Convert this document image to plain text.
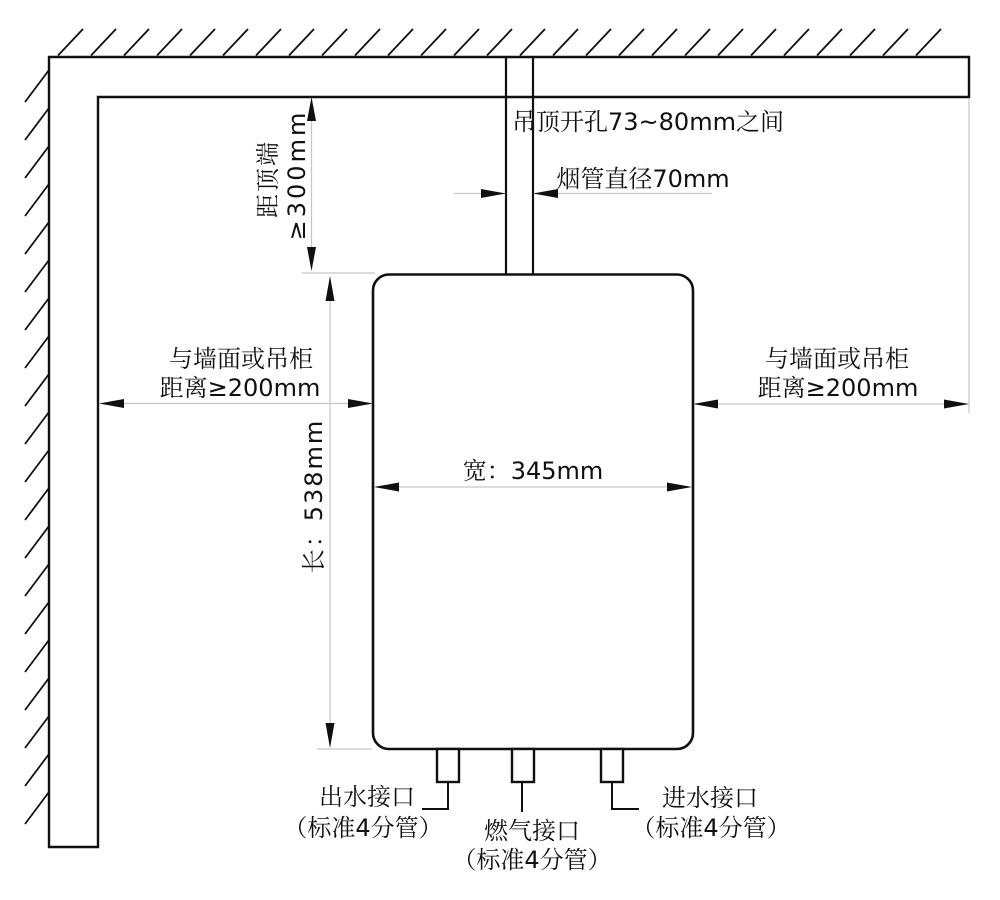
距顶端 ≥300mm
长：538mm
与墙面或吊柜
距离≥200mm
与墙面或吊柜
距离≥200mm
宽：345mm
烟管直径70mm
吊顶开孔73~80mm之间
出水接口
（标准4分管） 燃气接口
（标准4分管）
进水接口
（标准4分管）
